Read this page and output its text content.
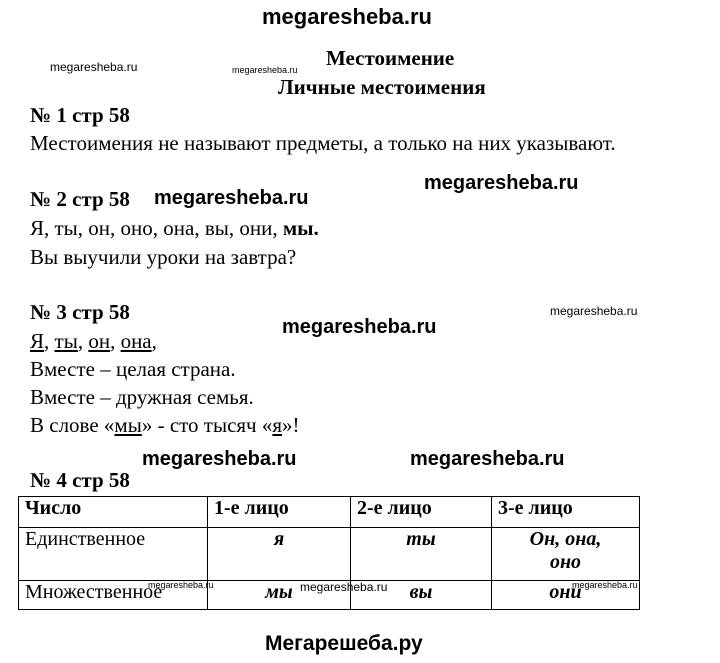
megaresheba.ru
megaresheba.ru	megaresheba.ru Местоимение
Личные местоимения
№ 1 стр 58
Местоимения не называют предметы, а только на них указывают.
№ 2 стр 58 megaresheba.ru
megaresheba.ru
Я, ты, он, оно, она, вы, они, мы.
Вы выучили уроки на завтра?
№ 3 стр 58	megaresheba.ru
megaresheba.ru
Я, ты, он, она,
Вместе – целая страна.
Вместе – дружная семья.
В слове «мы» - сто тысяч «я»!
megaresheba.ru	megaresheba.ru
№ 4 стр 58
Число	1-е лицо	2-е лицо	3-е лицо
Единственное	я	ты	Он, она,
оно

Множественное	мы	вы	они
megaresheba.ru	megaresheba.ru	megaresheba.ru
Мегарешеба.ру
